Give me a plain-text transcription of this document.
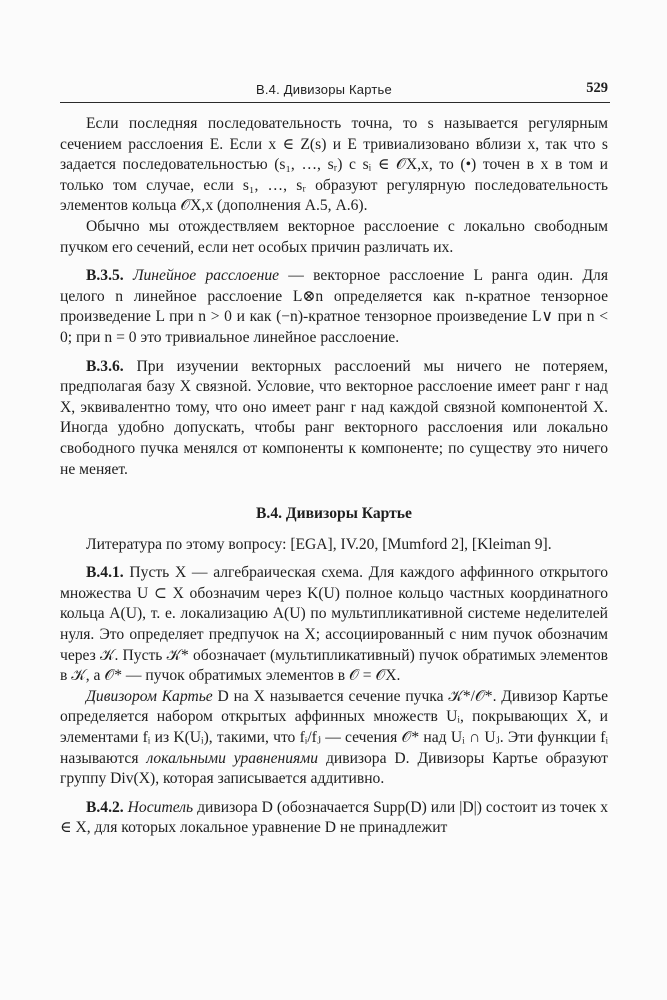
В.4. Дивизоры Картье	529

Если последняя последовательность точна, то s называется регулярным сечением расслоения E. Если x ∈ Z(s) и E тривиализовано вблизи x, так что s задается последовательностью (s₁, …, sᵣ) с sᵢ ∈ 𝒪X,x, то (•) точен в x в том и только том случае, если s₁, …, sᵣ образуют регулярную последовательность элементов кольца 𝒪X,x (дополнения А.5, А.6).

Обычно мы отождествляем векторное расслоение с локально свободным пучком его сечений, если нет особых причин различать их.

В.3.5. Линейное расслоение — векторное расслоение L ранга один. Для целого n линейное расслоение L⊗n определяется как n-кратное тензорное произведение L при n > 0 и как (−n)-кратное тензорное произведение L∨ при n < 0; при n = 0 это тривиальное линейное расслоение.

В.3.6. При изучении векторных расслоений мы ничего не потеряем, предполагая базу X связной. Условие, что векторное расслоение имеет ранг r над X, эквивалентно тому, что оно имеет ранг r над каждой связной компонентой X. Иногда удобно допускать, чтобы ранг векторного расслоения или локально свободного пучка менялся от компоненты к компоненте; по существу это ничего не меняет.

В.4. Дивизоры Картье

Литература по этому вопросу: [EGA], IV.20, [Mumford 2], [Kleiman 9].

В.4.1. Пусть X — алгебраическая схема. Для каждого аффинного открытого множества U ⊂ X обозначим через K(U) полное кольцо частных координатного кольца A(U), т. е. локализацию A(U) по мультипликативной системе неделителей нуля. Это определяет предпучок на X; ассоциированный с ним пучок обозначим через 𝒦. Пусть 𝒦* обозначает (мультипликативный) пучок обратимых элементов в 𝒦, а 𝒪* — пучок обратимых элементов в 𝒪 = 𝒪X.

Дивизором Картье D на X называется сечение пучка 𝒦*/𝒪*. Дивизор Картье определяется набором открытых аффинных множеств Uᵢ, покрывающих X, и элементами fᵢ из K(Uᵢ), такими, что fᵢ/fⱼ — сечения 𝒪* над Uᵢ ∩ Uⱼ. Эти функции fᵢ называются локальными уравнениями дивизора D. Дивизоры Картье образуют группу Div(X), которая записывается аддитивно.

В.4.2. Носитель дивизора D (обозначается Supp(D) или |D|) состоит из точек x ∈ X, для которых локальное уравнение D не принадлежит
